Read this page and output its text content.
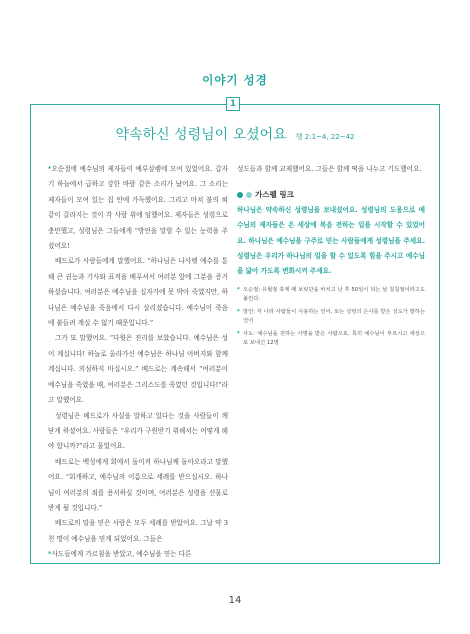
이야기 성경
1
약속하신 성령님이 오셨어요 행 2:1~4, 22~42

*오순절에 예수님의 제자들이 예루살렘에 모여 있었어요. 갑자기 하늘에서 급하고 강한 바람 같은 소리가 났어요. 그 소리는 제자들이 모여 있는 집 안에 가득했어요. 그리고 마치 불의 혀 같이 갈라지는 것이 각 사람 위에 임했어요. 제자들은 성령으로 충만했고, 성령님은 그들에게 “방언을 말할 수 있는 능력을 주셨어요!

베드로가 사람들에게 말했어요. “하나님은 나사렛 예수를 통해 큰 권능과 기사와 표적을 베푸셔서 여러분 앞에 그분을 증거하셨습니다. 여러분은 예수님을 십자가에 못 박아 죽였지만, 하나님은 예수님을 죽음에서 다시 살리셨습니다. 예수님이 죽음에 붙들려 계실 수 없기 때문입니다.”

그가 또 말했어요. “다윗은 진리를 보았습니다. 예수님은 성이 계십니다! 하늘로 올라가신 예수님은 하나님 아버지와 함께 계십니다. 의심하지 마십시오.” 베드로는 계속해서 “여러분이 예수님을 죽였을 때, 여러분은 그리스도를 죽였던 것입니다!”라고 말했어요.

성령님은 베드로가 사실을 말하고 있다는 것을 사람들이 깨닫게 하셨어요. 사람들은 “우리가 구원받기 위해서는 어떻게 해야 합니까?”라고 물었어요.

베드로는 백성에게 회에서 돌이켜 하나님께 돌아오라고 말했어요. “회개하고, 예수님의 이름으로 세례를 받으십시오. 하나님이 여러분의 죄를 용서하실 것이며, 여러분은 성령을 선물로 받게 될 것입니다.”

베드로의 말을 믿은 사람은 모두 세례를 받았어요. 그날 약 3천 명이 예수님을 믿게 되었어요. 그들은

*사도들에게 가르침을 받았고, 예수님을 믿는 다른

성도들과 함께 교제했어요. 그들은 함께 떡을 나누고 기도했어요.

가스펠 링크
하나님은 약속하신 성령님을 보내셨어요. 성령님의 도움으로 예수님의 제자들은 온 세상에 복음 전하는 일을 시작할 수 있었어요. 하나님은 예수님을 구주로 믿는 사람들에게 성령님을 주세요. 성령님은 우리가 하나님의 일을 할 수 있도록 힘을 주시고 예수님을 닮아 가도록 변화시켜 주세요.
* 오순절: 유월절 축제 때 보릿단을 바치고 난 후 50일이 되는 날 칠칠절이라고도 불린다.
* 방언: 각 나라 사람들이 사용하는 언어, 또는 성령의 은사를 받은 성도가 말하는 언어
* 사도: 예수님을 전하는 사명을 받은 사람으로, 특히 예수님이 부르시고 세상으로 보내신 12명
14
